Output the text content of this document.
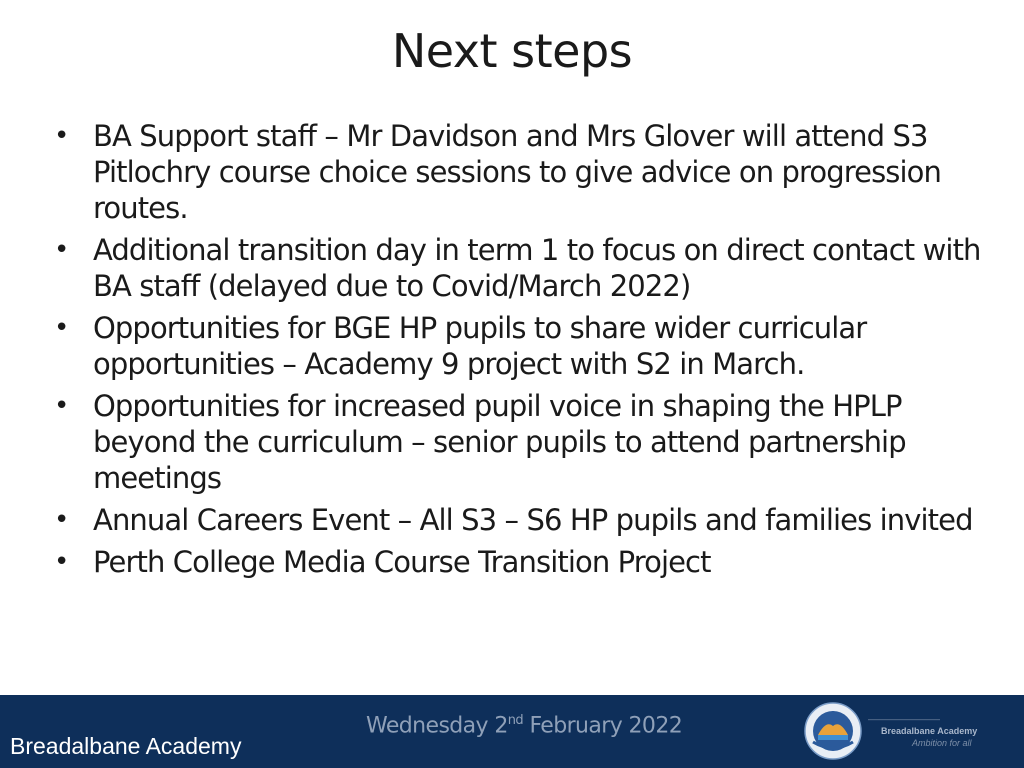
Next steps
• BA Support staff – Mr Davidson and Mrs Glover will attend S3 Pitlochry course choice sessions to give advice on progression routes.
• Additional transition day in term 1 to focus on direct contact with BA staff (delayed due to Covid/March 2022)
• Opportunities for BGE HP pupils to share wider curricular opportunities – Academy 9 project with S2 in March.
• Opportunities for increased pupil voice in shaping the HPLP beyond the curriculum – senior pupils to attend partnership meetings
• Annual Careers Event – All S3 – S6 HP pupils and families invited
• Perth College Media Course Transition Project
Breadalbane Academy
Wednesday 2nd February 2022	————————
Breadalbane Academy
Ambition for all
